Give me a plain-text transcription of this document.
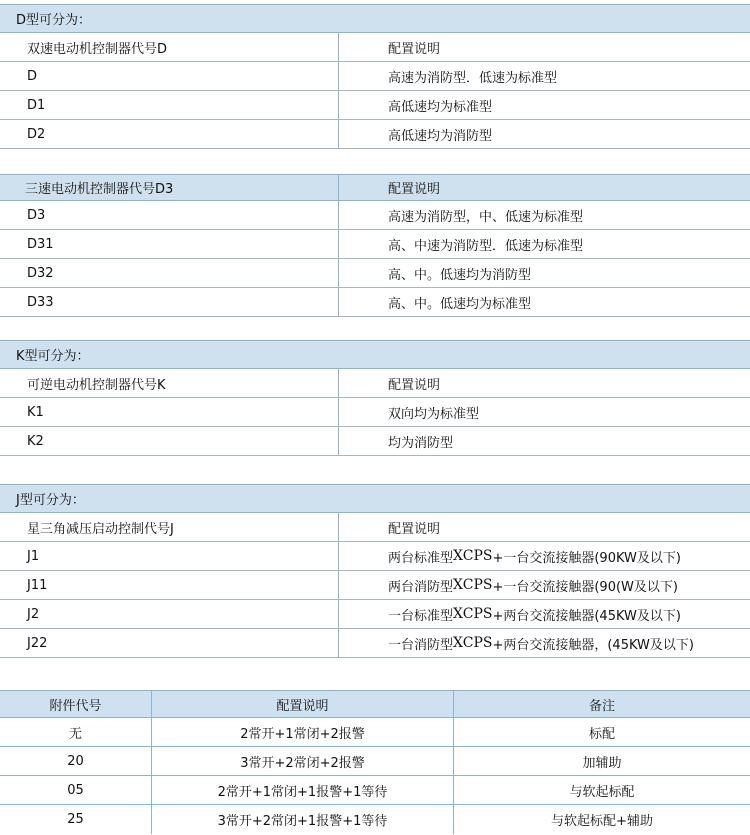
D型可分为：
双速电动机控制器代号D	配置说明
D	高速为消防型．低速为标准型
D1	高低速均为标准型
D2	高低速均为消防型
三速电动机控制器代号D3	配置说明
D3	高速为消防型，中、低速为标准型
D31	高、中速为消防型．低速为标准型
D32	高、中。低速均为消防型
D33	高、中。低速均为标准型
K型可分为：
可逆电动机控制器代号K	配置说明
K1	双向均为标准型
K2	均为消防型
J型可分为：
星三角减压启动控制代号J	配置说明
J1	两台标准型 XCPS +一台交流接触器(90KW及以下)
J11	两台消防型 XCPS +一台交流接触器(90(W及以下)
J2	一台标准型 XCPS +两台交流接触器(45KW及以下)
J22	一台消防型 XCPS +两台交流接触器，(45KW及以下)
附件代号	配置说明	备注
无	2常开+1常闭+2报警	标配
20	3常开+2常闭+2报警	加辅助
05	2常开+1常闭+1报警+1等待	与软起标配
25	3常开+2常闭+1报警+1等待	与软起标配+辅助
